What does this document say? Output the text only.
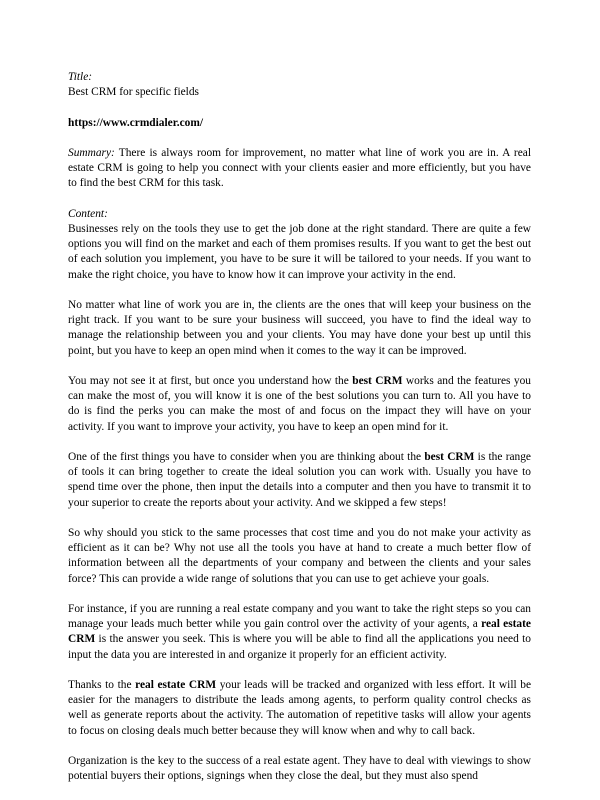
Title:
Best CRM for specific fields
https://www.crmdialer.com/

Summary: There is always room for improvement, no matter what line of work you are in. A real estate CRM is going to help you connect with your clients easier and more efficiently, but you have to find the best CRM for this task.

Content:

Businesses rely on the tools they use to get the job done at the right standard. There are quite a few options you will find on the market and each of them promises results. If you want to get the best out of each solution you implement, you have to be sure it will be tailored to your needs. If you want to make the right choice, you have to know how it can improve your activity in the end.

No matter what line of work you are in, the clients are the ones that will keep your business on the right track. If you want to be sure your business will succeed, you have to find the ideal way to manage the relationship between you and your clients. You may have done your best up until this point, but you have to keep an open mind when it comes to the way it can be improved.

You may not see it at first, but once you understand how the best CRM works and the features you can make the most of, you will know it is one of the best solutions you can turn to. All you have to do is find the perks you can make the most of and focus on the impact they will have on your activity. If you want to improve your activity, you have to keep an open mind for it.

One of the first things you have to consider when you are thinking about the best CRM is the range of tools it can bring together to create the ideal solution you can work with. Usually you have to spend time over the phone, then input the details into a computer and then you have to transmit it to your superior to create the reports about your activity. And we skipped a few steps!

So why should you stick to the same processes that cost time and you do not make your activity as efficient as it can be? Why not use all the tools you have at hand to create a much better flow of information between all the departments of your company and between the clients and your sales force? This can provide a wide range of solutions that you can use to get achieve your goals.

For instance, if you are running a real estate company and you want to take the right steps so you can manage your leads much better while you gain control over the activity of your agents, a real estate CRM is the answer you seek. This is where you will be able to find all the applications you need to input the data you are interested in and organize it properly for an efficient activity.

Thanks to the real estate CRM your leads will be tracked and organized with less effort. It will be easier for the managers to distribute the leads among agents, to perform quality control checks as well as generate reports about the activity. The automation of repetitive tasks will allow your agents to focus on closing deals much better because they will know when and why to call back.

Organization is the key to the success of a real estate agent. They have to deal with viewings to show potential buyers their options, signings when they close the deal, but they must also spend
